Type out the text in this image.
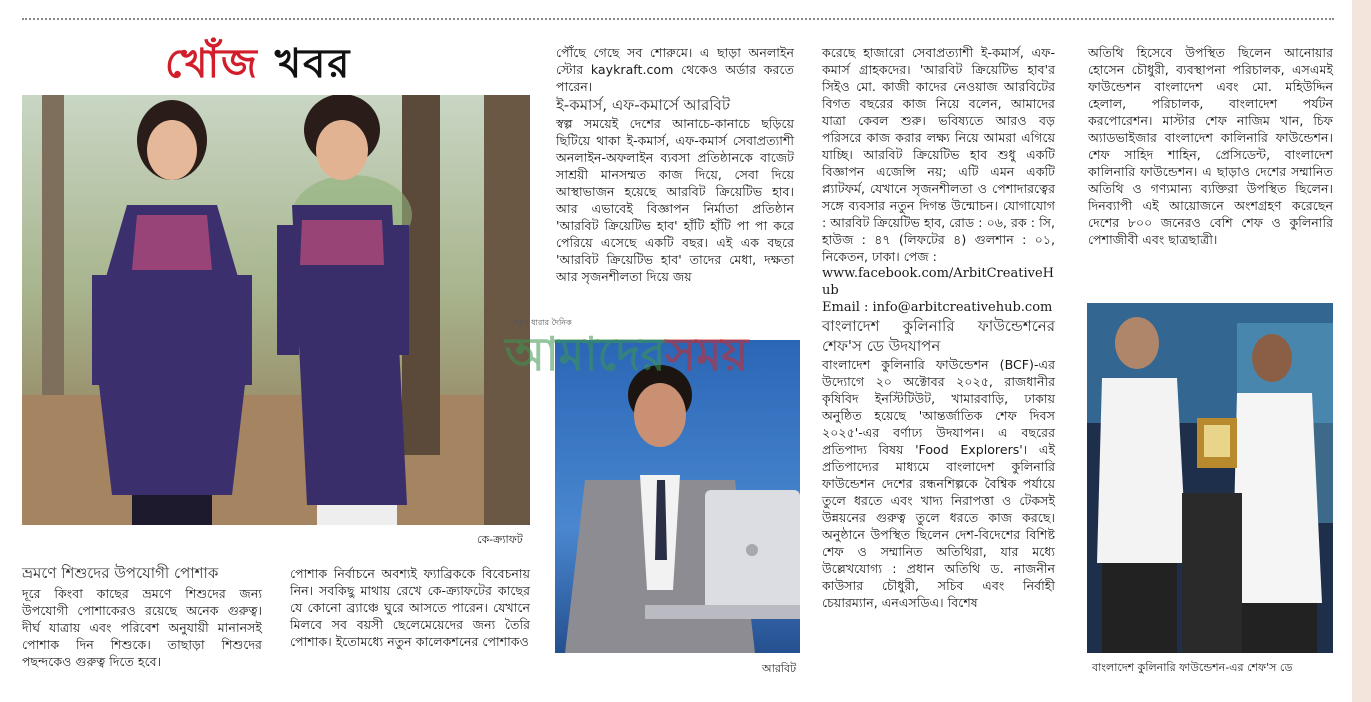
খোঁজ খবর
কে-ক্র্যাফট
ভ্রমণে শিশুদের উপযোগী পোশাক

দূরে কিংবা কাছের ভ্রমণে শিশুদের জন্য উপযোগী পোশাকেরও রয়েছে অনেক গুরুত্ব। দীর্ঘ যাত্রায় এবং পরিবেশ অনুযায়ী মানানসই পোশাক দিন শিশুকে। তাছাড়া শিশুদের পছন্দকেও গুরুত্ব দিতে হবে।

পোশাক নির্বাচনে অবশ্যই ফ্যাব্রিককে বিবেচনায় নিন। সবকিছু মাথায় রেখে কে-ক্র্যাফটের কাছের যে কোনো ব্র্যাঞ্চে ঘুরে আসতে পারেন। যেখানে মিলবে সব বয়সী ছেলেমেয়েদের জন্য তৈরি পোশাক। ইতোমধ্যে নতুন কালেকশনের পোশাকও

পৌঁছে গেছে সব শোরুমে। এ ছাড়া অনলাইন স্টোর kaykraft.com থেকেও অর্ডার করতে পারেন।

ই-কমার্স, এফ-কমার্সে আরবিট

স্বল্প সময়েই দেশের আনাচে-কানাচে ছড়িয়ে ছিটিয়ে থাকা ই-কমার্স, এফ-কমার্স সেবাপ্রত্যাশী অনলাইন-অফলাইন ব্যবসা প্রতিষ্ঠানকে বাজেট সাশ্রয়ী মানসম্মত কাজ দিয়ে, সেবা দিয়ে আস্থাভাজন হয়েছে আরবিট ক্রিয়েটিভ হাব। আর এভাবেই বিজ্ঞাপন নির্মাতা প্রতিষ্ঠান 'আরবিট ক্রিয়েটিভ হাব' হাঁটি হাঁটি পা পা করে পেরিয়ে এসেছে একটি বছর। এই এক বছরে 'আরবিট ক্রিয়েটিভ হাব' তাদের মেধা, দক্ষতা আর সৃজনশীলতা দিয়ে জয়

আরবিট

করেছে হাজারো সেবাপ্রত্যাশী ই-কমার্স, এফ-কমার্স গ্রাহকদের। 'আরবিট ক্রিয়েটিভ হাব'র সিইও মো. কাজী কাদের নেওয়াজ আরবিটের বিগত বছরের কাজ নিয়ে বলেন, আমাদের যাত্রা কেবল শুরু। ভবিষ্যতে আরও বড় পরিসরে কাজ করার লক্ষ্য নিয়ে আমরা এগিয়ে যাচ্ছি। আরবিট ক্রিয়েটিভ হাব শুধু একটি বিজ্ঞাপন এজেন্সি নয়; এটি এমন একটি প্ল্যাটফর্ম, যেখানে সৃজনশীলতা ও পেশাদারত্বের সঙ্গে ব্যবসার নতুন দিগন্ত উন্মোচন। যোগাযোগ : আরবিট ক্রিয়েটিভ হাব, রোড : ০৬, রক : সি, হাউজ : ৪৭ (লিফটের ৪) গুলশান : ০১, নিকেতন, ঢাকা। পেজ :

www.facebook.com/ArbitCreativeHub

Email : info@arbitcreativehub.com

বাংলাদেশ কুলিনারি ফাউন্ডেশনের শেফ'স ডে উদযাপন

বাংলাদেশ কুলিনারি ফাউন্ডেশন (BCF)-এর উদ্যোগে ২০ অক্টোবর ২০২৫, রাজধানীর কৃষিবিদ ইনস্টিটিউট, খামারবাড়ি, ঢাকায় অনুষ্ঠিত হয়েছে 'আন্তর্জাতিক শেফ দিবস ২০২৫'-এর বর্ণাঢ্য উদযাপন। এ বছরের প্রতিপাদ্য বিষয় 'Food Explorers'। এই প্রতিপাদ্যের মাধ্যমে বাংলাদেশ কুলিনারি ফাউন্ডেশন দেশের রন্ধনশিল্পকে বৈশ্বিক পর্যায়ে তুলে ধরতে এবং খাদ্য নিরাপত্তা ও টেকসই উন্নয়নের গুরুত্ব তুলে ধরতে কাজ করছে। অনুষ্ঠানে উপস্থিত ছিলেন দেশ-বিদেশের বিশিষ্ট শেফ ও সম্মানিত অতিথিরা, যার মধ্যে উল্লেখযোগ্য : প্রধান অতিথি ড. নাজনীন কাউসার চৌধুরী, সচিব এবং নির্বাহী চেয়ারম্যান, এনএসডিএ। বিশেষ

অতিথি হিসেবে উপস্থিত ছিলেন আনোয়ার হোসেন চৌধুরী, ব্যবস্থাপনা পরিচালক, এসএমই ফাউন্ডেশন বাংলাদেশ এবং মো. মহিউদ্দিন হেলাল, পরিচালক, বাংলাদেশ পর্যটন করপোরেশন। মাস্টার শেফ নাজিম খান, চিফ অ্যাডভাইজার বাংলাদেশ কালিনারি ফাউন্ডেশন। শেফ সাহিদ শাহিন, প্রেসিডেন্ট, বাংলাদেশ কালিনারি ফাউন্ডেশন। এ ছাড়াও দেশের সম্মানিত অতিথি ও গণ্যমান্য ব্যক্তিরা উপস্থিত ছিলেন। দিনব্যাপী এই আয়োজনে অংশগ্রহণ করেছেন দেশের ৮০০ জনেরও বেশি শেফ ও কুলিনারি পেশাজীবী এবং ছাত্রছাত্রী।

বাংলাদেশ কুলিনারি ফাউন্ডেশন-এর শেফ'স ডে
নতুন ধারার দৈনিক
আমাদেরসময়
